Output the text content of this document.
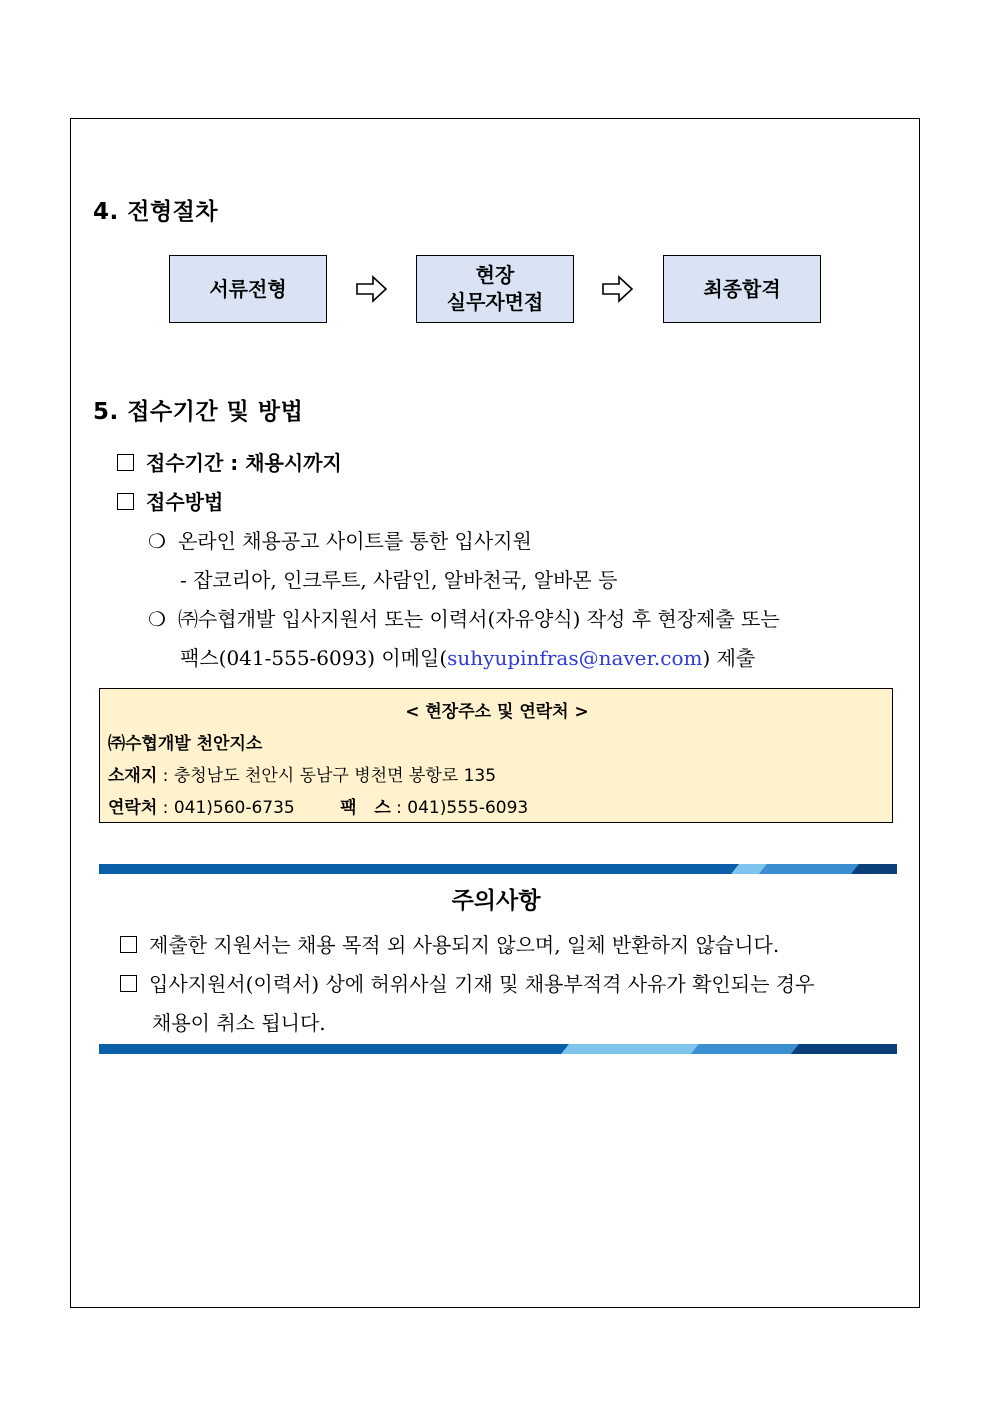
4. 전형절차
서류전형
현장
실무자면접
최종합격
5. 접수기간 및 방법
접수기간 : 채용시까지
접수방법
❍ 온라인 채용공고 사이트를 통한 입사지원
- 잡코리아, 인크루트, 사람인, 알바천국, 알바몬 등
❍ ㈜수협개발 입사지원서 또는 이력서(자유양식) 작성 후 현장제출 또는
팩스(041-555-6093) 이메일(suhyupinfras@naver.com) 제출
< 현장주소 및 연락처 >
㈜수협개발 천안지소
소재지 : 충청남도 천안시 동남구 병천면 봉항로 135
연락처 : 041)560-6735	팩   스 : 041)555-6093
주의사항
제출한 지원서는 채용 목적 외 사용되지 않으며, 일체 반환하지 않습니다.
입사지원서(이력서) 상에 허위사실 기재 및 채용부적격 사유가 확인되는 경우
채용이 취소 됩니다.
